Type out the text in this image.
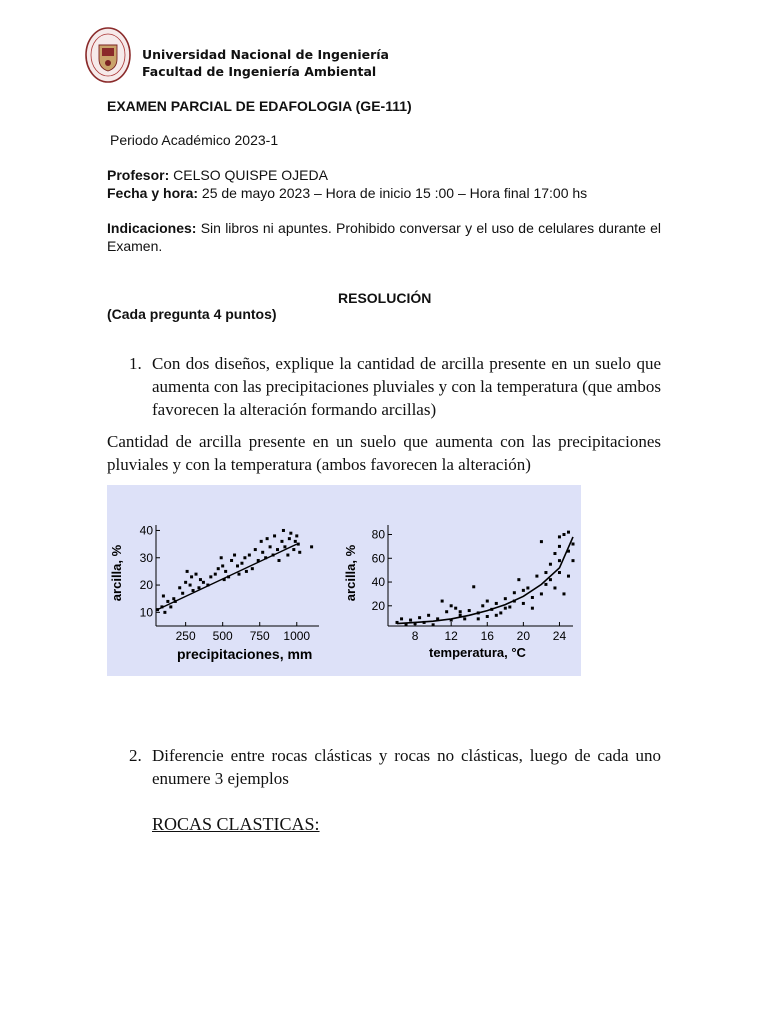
Universidad Nacional de Ingeniería
Facultad de Ingeniería Ambiental
EXAMEN PARCIAL DE EDAFOLOGIA (GE-111)
Periodo Académico 2023-1
Profesor: CELSO QUISPE OJEDA
Fecha y hora: 25 de mayo 2023 – Hora de inicio 15 :00 – Hora final 17:00 hs
Indicaciones: Sin libros ni apuntes. Prohibido conversar y el uso de celulares durante el Examen.
RESOLUCIÓN
(Cada pregunta 4 puntos)
1. Con dos diseños, explique la cantidad de arcilla presente en un suelo que aumenta con las precipitaciones pluviales y con la temperatura (que ambos favorecen la alteración formando arcillas)
Cantidad de arcilla presente en un suelo que aumenta con las precipitaciones pluviales y con la temperatura (ambos favorecen la alteración)
10
20
30
40
250 500 750 1000
arcilla, %
precipitaciones, mm
20
40
60
80
8 12 16 20 24
arcilla, %
temperatura, °C
2. Diferencie entre rocas clásticas y rocas no clásticas, luego de cada uno enumere 3 ejemplos
ROCAS CLASTICAS:
